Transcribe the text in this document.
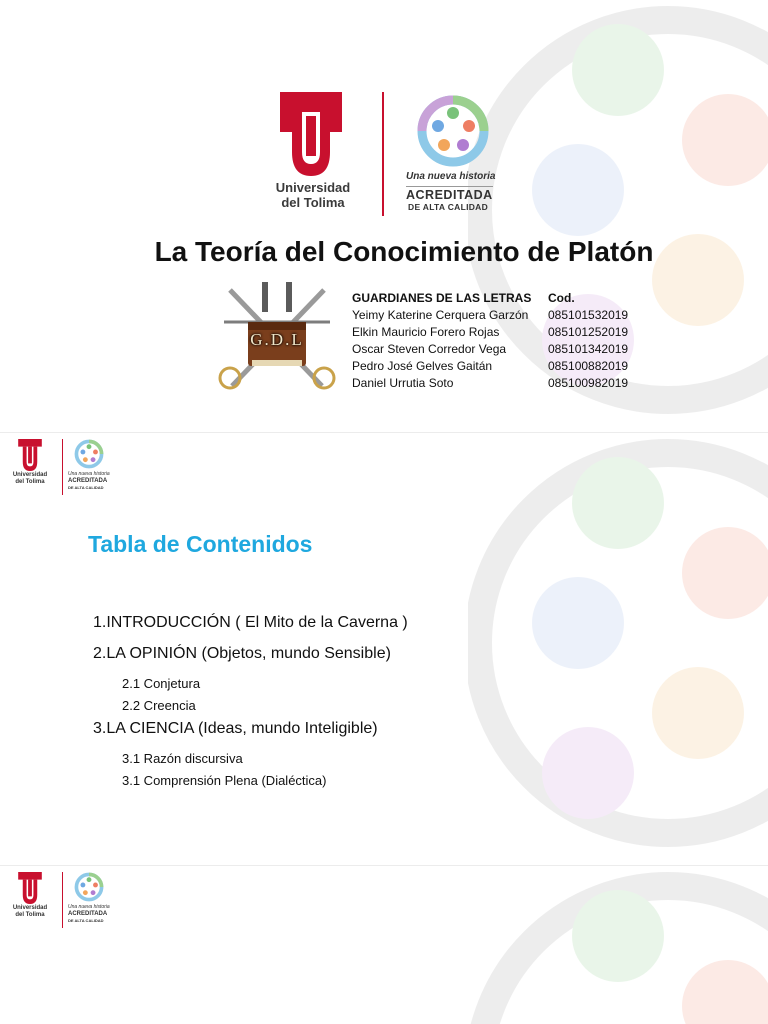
Universidad
del Tolima
Una nueva historia
ACREDITADA
DE ALTA CALIDAD
La Teoría del Conocimiento de Platón
G.D.L
GUARDIANES DE LAS LETRAS	Cod.
Yeimy Katerine Cerquera Garzón	085101532019
Elkin Mauricio Forero Rojas	085101252019
Oscar Steven Corredor Vega	085101342019
Pedro José Gelves Gaitán	085100882019
Daniel Urrutia Soto	085100982019
Universidad
del Tolima
Una nueva historia
ACREDITADA
DE ALTA CALIDAD
Tabla de Contenidos
1.INTRODUCCIÓN ( El Mito de la Caverna )
2.LA OPINIÓN (Objetos, mundo Sensible)
2.1 Conjetura
2.2 Creencia
3.LA CIENCIA (Ideas, mundo Inteligible)
3.1 Razón discursiva
3.1 Comprensión Plena (Dialéctica)
Universidad
del Tolima
Una nueva historia
ACREDITADA
DE ALTA CALIDAD
